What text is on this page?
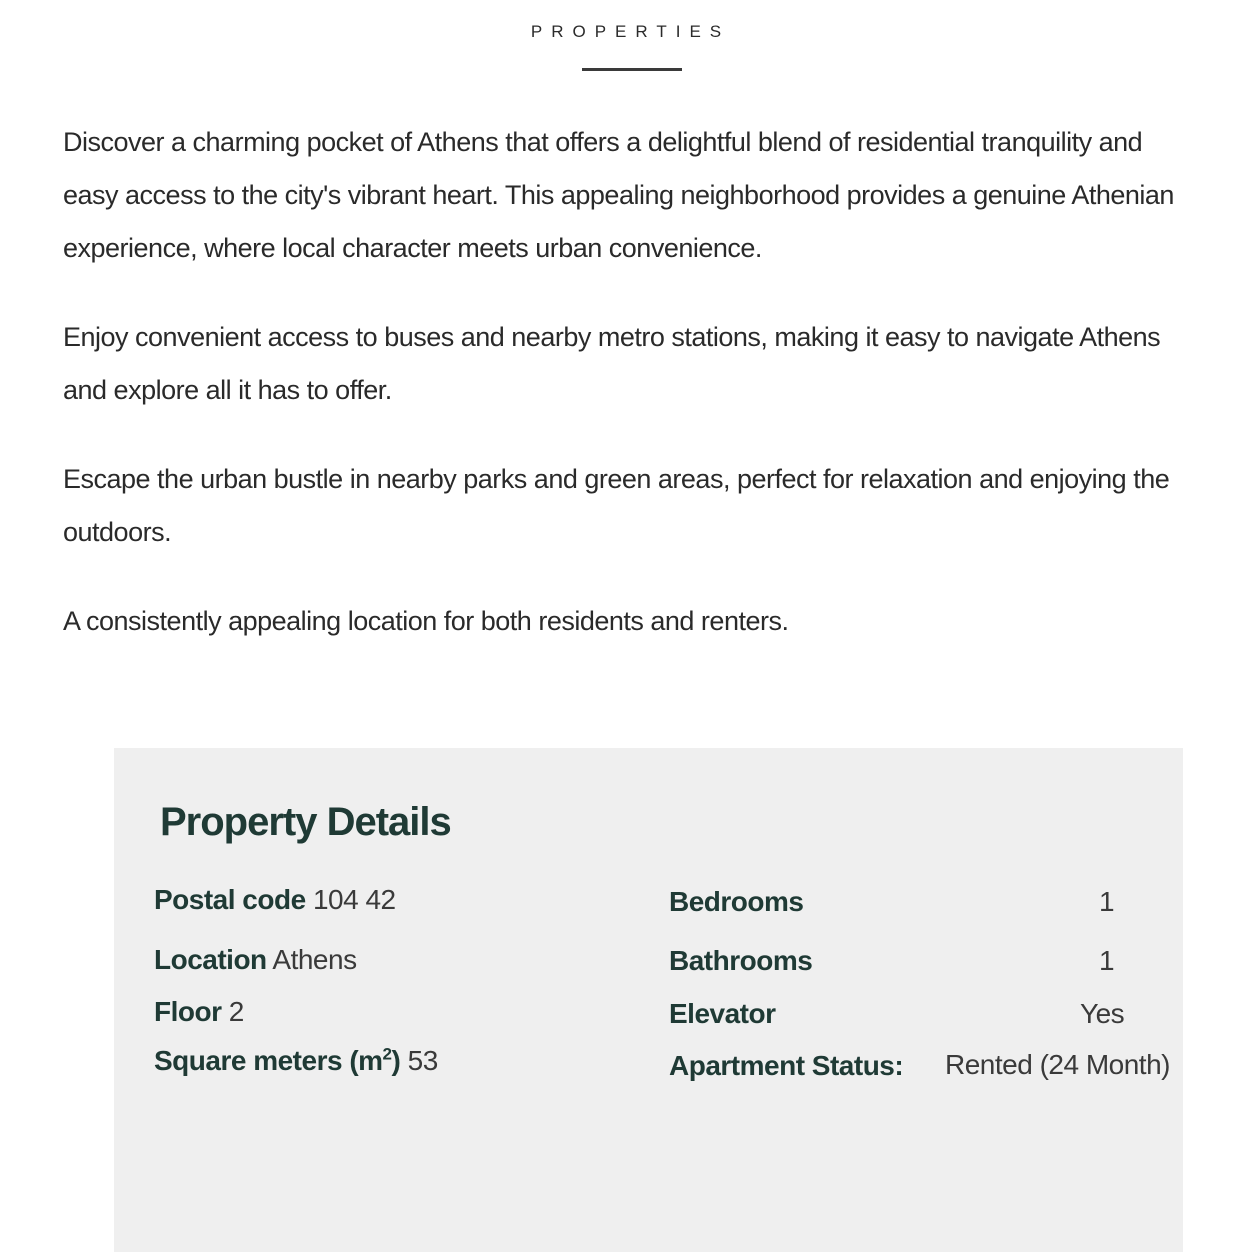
PROPERTIES

Discover a charming pocket of Athens that offers a delightful blend of residential tranquility and easy access to the city's vibrant heart. This appealing neighborhood provides a genuine Athenian experience, where local character meets urban convenience.

Enjoy convenient access to buses and nearby metro stations, making it easy to navigate Athens and explore all it has to offer.

Escape the urban bustle in nearby parks and green areas, perfect for relaxation and enjoying the outdoors.

A consistently appealing location for both residents and renters.

Property Details
Postal code 104 42
Location Athens
Floor 2
Square meters $(m^2)$ 53
Bedrooms	1
Bathrooms	1
Elevator	Yes
Apartment Status: Rented (24 Month)
